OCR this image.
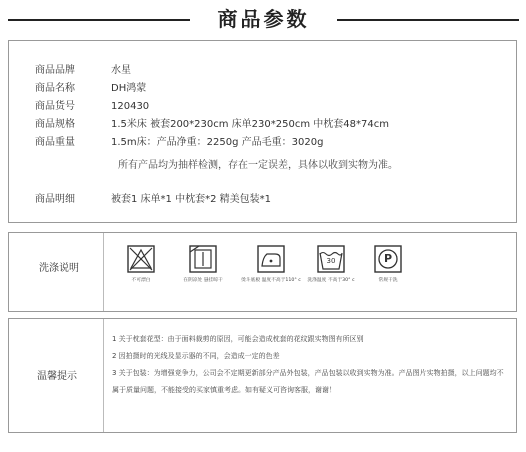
商品参数
商品品牌	水星
商品名称	DH鸿蒙
商品货号	120430
商品规格	1.5米床 被套200*230cm 床单230*250cm 中枕套48*74cm
商品重量	1.5m床：产品净重：2250g 产品毛重：3020g
所有产品均为抽样检测，存在一定误差，具体以收到实物为准。
商品明细	被套1 床单*1 中枕套*2 精美包装*1
洗涤说明
不可漂白	在阴凉处 悬挂晾干	烫斗底板 温度不高于110° c
30
洗涤温度 不高于30° c
P
常规干洗
温馨提示
1 关于枕套花型：由于面料裁剪的原因，可能会造成枕套的花纹跟实物图有所区别
2 因拍摄时的光线及显示器的不同，会造成一定的色差
3 关于包装：为增强竞争力，公司会不定期更新部分产品外包装，产品包装以收到实物为准。产品图片实物拍摄，以上问题均不属于质量问题，不能接受的买家慎重考虑。如有疑义可咨询客服，谢谢！
